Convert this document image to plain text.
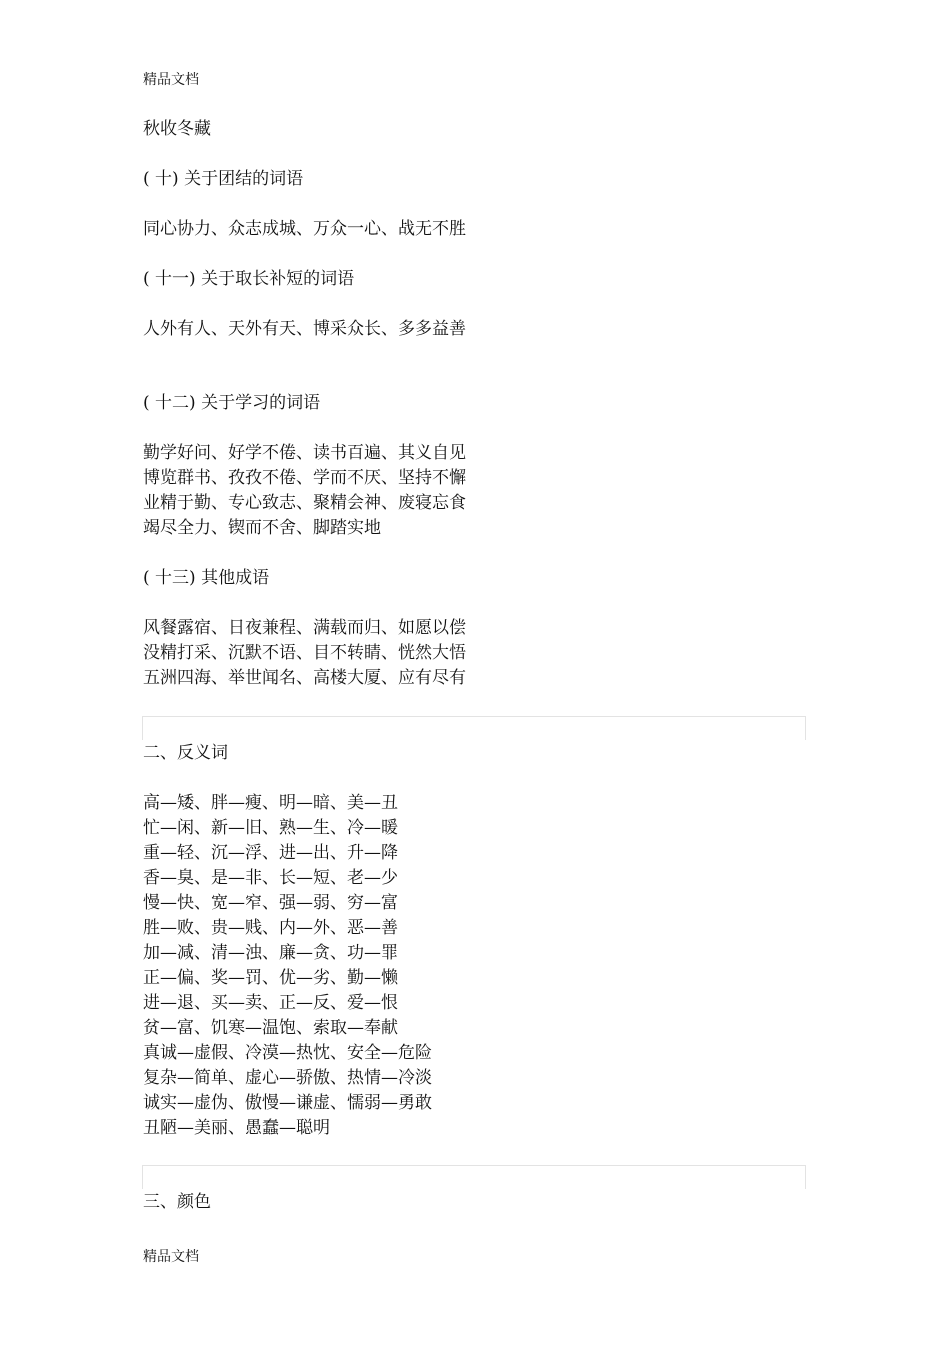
精品文档
秋收冬藏
( 十) 关于团结的词语
同心协力、众志成城、万众一心、战无不胜
( 十一) 关于取长补短的词语
人外有人、天外有天、博采众长、多多益善
( 十二) 关于学习的词语
勤学好问、好学不倦、读书百遍、其义自见
博览群书、孜孜不倦、学而不厌、坚持不懈
业精于勤、专心致志、聚精会神、废寝忘食
竭尽全力、锲而不舍、脚踏实地
( 十三) 其他成语
风餐露宿、日夜兼程、满载而归、如愿以偿
没精打采、沉默不语、目不转睛、恍然大悟
五洲四海、举世闻名、高楼大厦、应有尽有
二、反义词
高—矮、胖—瘦、明—暗、美—丑
忙—闲、新—旧、熟—生、冷—暖
重—轻、沉—浮、进—出、升—降
香—臭、是—非、长—短、老—少
慢—快、宽—窄、强—弱、穷—富
胜—败、贵—贱、内—外、恶—善
加—减、清—浊、廉—贪、功—罪
正—偏、奖—罚、优—劣、勤—懒
进—退、买—卖、正—反、爱—恨
贫—富、饥寒—温饱、索取—奉献
真诚—虚假、冷漠—热忱、安全—危险
复杂—简单、虚心—骄傲、热情—冷淡
诚实—虚伪、傲慢—谦虚、懦弱—勇敢
丑陋—美丽、愚蠢—聪明
三、颜色
精品文档
